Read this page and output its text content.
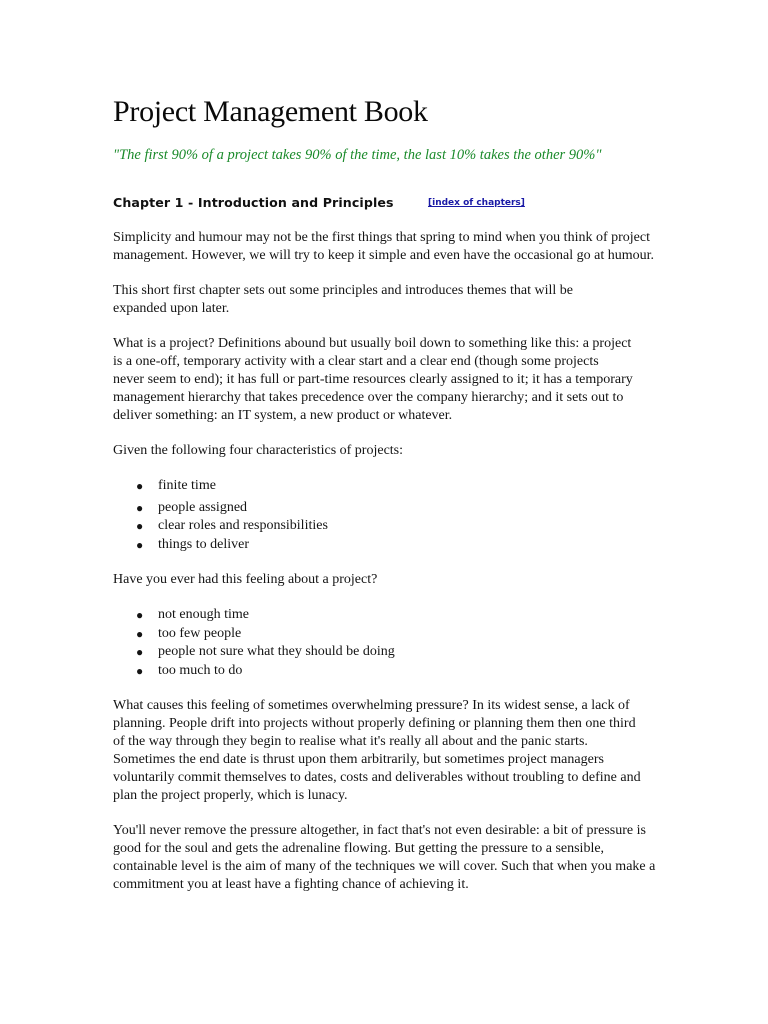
Project Management Book
"The first 90% of a project takes 90% of the time, the last 10% takes the other 90%"
Chapter 1 - Introduction and Principles	[index of chapters]

Simplicity and humour may not be the first things that spring to mind when you think of project management. However, we will try to keep it simple and even have the occasional go at humour.

This short first chapter sets out some principles and introduces themes that will be expanded upon later.

What is a project? Definitions abound but usually boil down to something like this: a project is a one-off, temporary activity with a clear start and a clear end (though some projects never seem to end); it has full or part-time resources clearly assigned to it; it has a temporary management hierarchy that takes precedence over the company hierarchy; and it sets out to deliver something: an IT system, a new product or whatever.

Given the following four characteristics of projects:

● finite time
● people assigned
● clear roles and responsibilities
● things to deliver

Have you ever had this feeling about a project?

● not enough time
● too few people
● people not sure what they should be doing
● too much to do

What causes this feeling of sometimes overwhelming pressure? In its widest sense, a lack of planning. People drift into projects without properly defining or planning them then one third of the way through they begin to realise what it's really all about and the panic starts. Sometimes the end date is thrust upon them arbitrarily, but sometimes project managers voluntarily commit themselves to dates, costs and deliverables without troubling to define and plan the project properly, which is lunacy.

You'll never remove the pressure altogether, in fact that's not even desirable: a bit of pressure is good for the soul and gets the adrenaline flowing. But getting the pressure to a sensible, containable level is the aim of many of the techniques we will cover. Such that when you make a commitment you at least have a fighting chance of achieving it.
